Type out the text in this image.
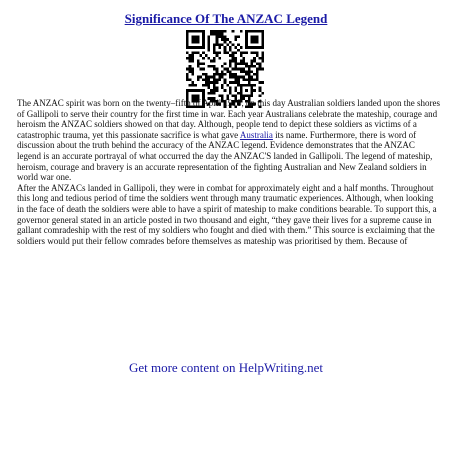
Significance Of The ANZAC Legend

The ANZAC spirit was born on the twenty–fifth of April 1915, on this day Australian soldiers landed upon the shores of Gallipoli to serve their country for the first time in war. Each year Australians celebrate the mateship, courage and heroism the ANZAC soldiers showed on that day. Although, people tend to depict these soldiers as victims of a catastrophic trauma, yet this passionate sacrifice is what gave Australia its name. Furthermore, there is word of discussion about the truth behind the accuracy of the ANZAC legend. Evidence demonstrates that the ANZAC legend is an accurate portrayal of what occurred the day the ANZAC'S landed in Gallipoli. The legend of mateship, heroism, courage and bravery is an accurate representation of the fighting Australian and New Zealand soldiers in world war one.

After the ANZACs landed in Gallipoli, they were in combat for approximately eight and a half months. Throughout this long and tedious period of time the soldiers went through many traumatic experiences. Although, when looking in the face of death the soldiers were able to have a spirit of mateship to make conditions bearable. To support this, a governor general stated in an article posted in two thousand and eight, “they gave their lives for a supreme cause in gallant comradeship with the rest of my soldiers who fought and died with them.” This source is exclaiming that the soldiers would put their fellow comrades before themselves as mateship was prioritised by them. Because of

Get more content on HelpWriting.net
